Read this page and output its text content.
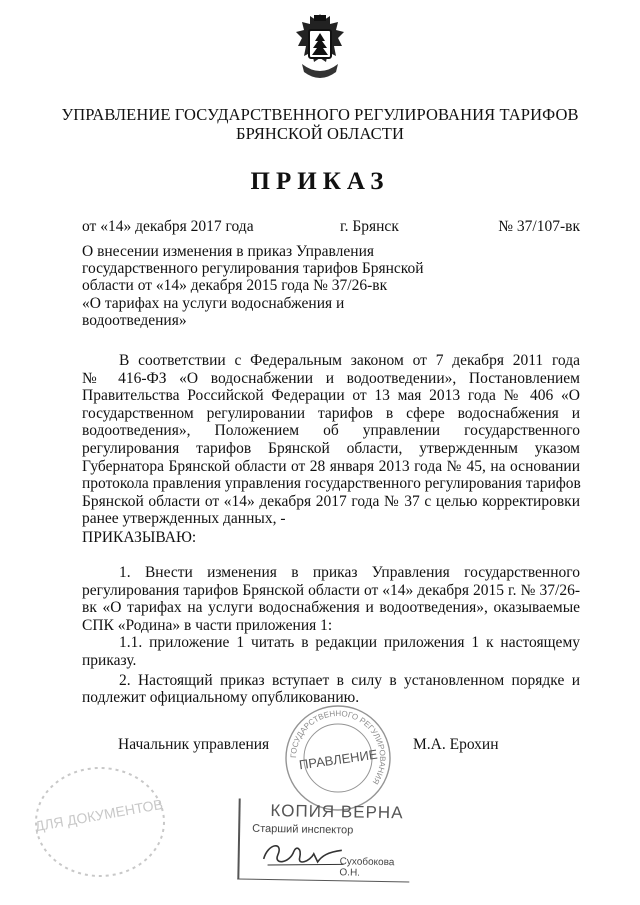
УПРАВЛЕНИЕ ГОСУДАРСТВЕННОГО РЕГУЛИРОВАНИЯ ТАРИФОВ
БРЯНСКОЙ ОБЛАСТИ
ПРИКАЗ
от «14» декабря 2017 года	г. Брянск	№ 37/107-вк
О внесении изменения в приказ Управления
государственного регулирования тарифов Брянской
области от «14» декабря 2015 года № 37/26-вк
«О тарифах на услуги водоснабжения и
водоотведения»
В соответствии с Федеральным законом от 7 декабря 2011 года
№ 416-ФЗ «О водоснабжении и водоотведении», Постановлением
Правительства Российской Федерации от 13 мая 2013 года № 406 «О
государственном регулировании тарифов в сфере водоснабжения и
водоотведения», Положением об управлении государственного
регулирования тарифов Брянской области, утвержденным указом
Губернатора Брянской области от 28 января 2013 года № 45, на основании
протокола правления управления государственного регулирования тарифов
Брянской области от «14» декабря 2017 года № 37 с целью корректировки
ранее утвержденных данных, -
ПРИКАЗЫВАЮ:
1. Внести изменения в приказ Управления государственного
регулирования тарифов Брянской области от «14» декабря 2015 г. № 37/26-
вк «О тарифах на услуги водоснабжения и водоотведения», оказываемые
СПК «Родина» в части приложения 1:
1.1. приложение 1 читать в редакции приложения 1 к настоящему
приказу.
2. Настоящий приказ вступает в силу в установленном порядке и
подлежит официальному опубликованию.
Начальник управления	М.А. Ерохин
ГОСУДАРСТВЕННОГО РЕГУЛИРОВАНИЯ
ПРАВЛЕНИЕ
ДЛЯ ДОКУМЕНТОВ	КОПИЯ ВЕРНА
Старший инспектор
Сухобокова О.Н.
